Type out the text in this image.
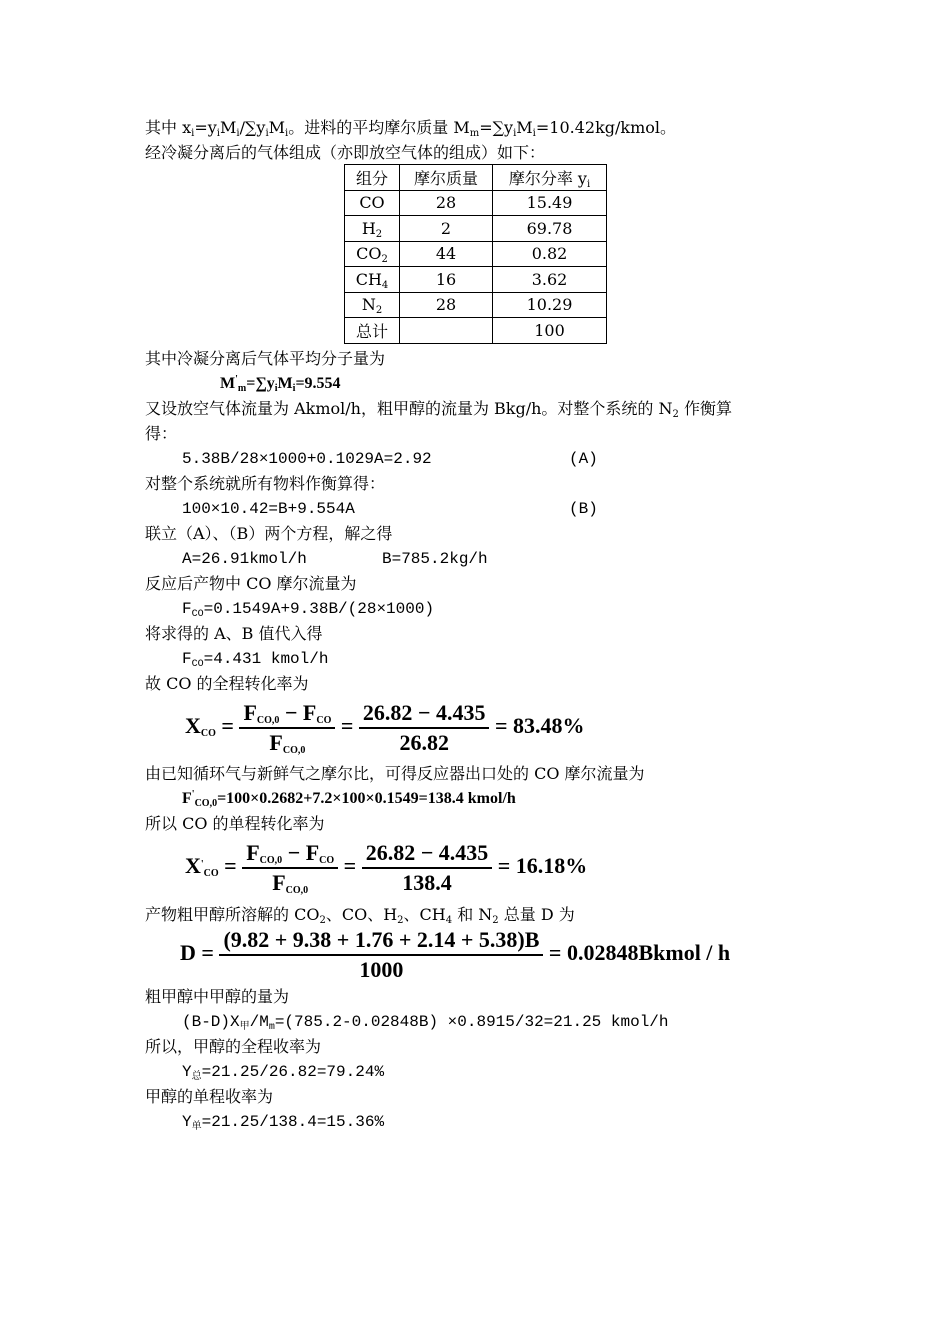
其中 $x_i=y_iM_i/\sum y_iM_i$。进料的平均摩尔质量 $M_m=\sum y_iM_i=10.42kg$/kmol。
经冷凝分离后的气体组成（亦即放空气体的组成）如下：
组分	摩尔质量	摩尔分率 $y_i$
CO	28	15.49
$H_2$	2	69.78
$CO_2$	44	0.82
$CH_4$	16	3.62
$N_2$	28	10.29
总计		100
其中冷凝分离后气体平均分子量为
$M'_m=\sum y_iM_i=9.554$
又设放空气体流量为 Akmol/h，粗甲醇的流量为 Bkg/h。对整个系统的 $N_2$ 作衡算
得：
5.38B/28×1000+0.1029A=2.92	(A)
对整个系统就所有物料作衡算得：
100×10.42=B+9.554A	(B)
联立（A）、（B）两个方程，解之得
A=26.91kmol/h	B=785.2kg/h
反应后产物中 CO 摩尔流量为
$F_{CO}=0.1549A+9.38B/(28\times 1000)$
将求得的 A、B 值代入得
$F_{CO}=4.431$ kmol/h
故 CO 的全程转化率为
$X_{CO} = \frac{F_{CO,0} - F_{CO}}{F_{CO,0}} = \frac{26.82 - 4.435}{26.82} = 83.48\%$
由已知循环气与新鲜气之摩尔比，可得反应器出口处的 CO 摩尔流量为
$F'_{CO,0}=100\times 0.2682+7.2\times 100\times 0.1549=138.4$ kmol/h
所以 CO 的单程转化率为
$X'_{CO} = \frac{F_{CO,0} - F_{CO}}{F_{CO,0}} = \frac{26.82 - 4.435}{138.4} = 16.18\%$
产物粗甲醇所溶解的 $CO_2$、CO、$H_2$、$CH_4$ 和 $N_2$ 总量 D 为
$D = \frac{(9.82 + 9.38 + 1.76 + 2.14 + 5.38)B}{1000}$ = 0.02848Bkmol / h
粗甲醇中甲醇的量为
$(B-D)X_甲/M_m=(785.2-0.02848B) \times 0.8915/32=21.25$ kmol/h
所以，甲醇的全程收率为
$Y_总=21.25/26.82=79.24\%$
甲醇的单程收率为
$Y_单=21.25/138.4=15.36\%$
